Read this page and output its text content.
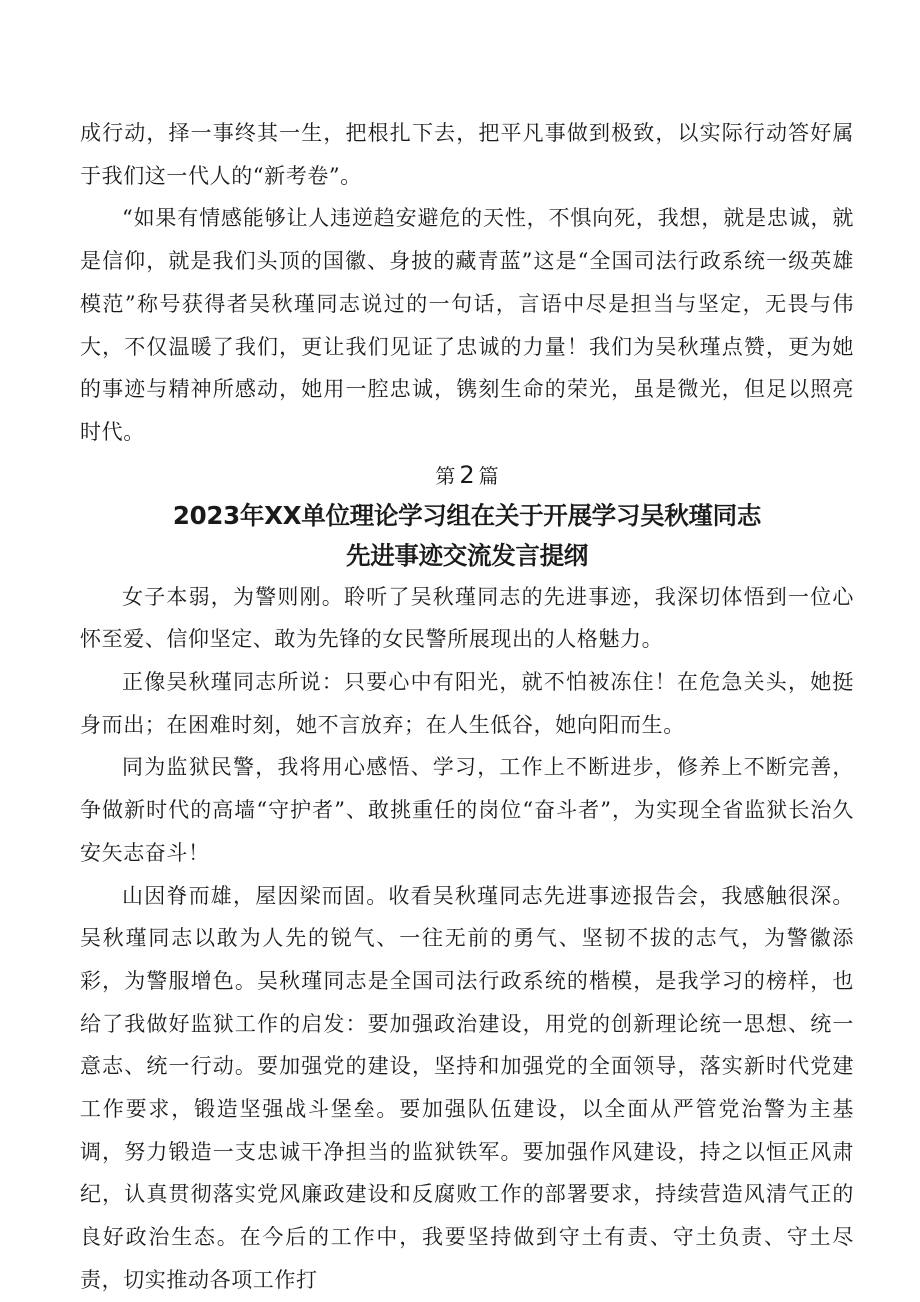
成行动，择一事终其一生，把根扎下去，把平凡事做到极致，以实际行动答好属于我们这一代人的“新考卷”。

“如果有情感能够让人违逆趋安避危的天性，不惧向死，我想，就是忠诚，就是信仰，就是我们头顶的国徽、身披的藏青蓝”这是“全国司法行政系统一级英雄模范”称号获得者吴秋瑾同志说过的一句话，言语中尽是担当与坚定，无畏与伟大，不仅温暖了我们，更让我们见证了忠诚的力量！我们为吴秋瑾点赞，更为她的事迹与精神所感动，她用一腔忠诚，镌刻生命的荣光，虽是微光，但足以照亮时代。

第 2 篇
2023年XX单位理论学习组在关于开展学习吴秋瑾同志
先进事迹交流发言提纲

女子本弱，为警则刚。聆听了吴秋瑾同志的先进事迹，我深切体悟到一位心怀至爱、信仰坚定、敢为先锋的女民警所展现出的人格魅力。

正像吴秋瑾同志所说：只要心中有阳光，就不怕被冻住！在危急关头，她挺身而出；在困难时刻，她不言放弃；在人生低谷，她向阳而生。

同为监狱民警，我将用心感悟、学习，工作上不断进步，修养上不断完善，争做新时代的高墙“守护者”、敢挑重任的岗位“奋斗者”，为实现全省监狱长治久安矢志奋斗！

山因脊而雄，屋因梁而固。收看吴秋瑾同志先进事迹报告会，我感触很深。吴秋瑾同志以敢为人先的锐气、一往无前的勇气、坚韧不拔的志气，为警徽添彩，为警服增色。吴秋瑾同志是全国司法行政系统的楷模，是我学习的榜样，也给了我做好监狱工作的启发：要加强政治建设，用党的创新理论统一思想、统一意志、统一行动。要加强党的建设，坚持和加强党的全面领导，落实新时代党建工作要求，锻造坚强战斗堡垒。要加强队伍建设，以全面从严管党治警为主基调，努力锻造一支忠诚干净担当的监狱铁军。要加强作风建设，持之以恒正风肃纪，认真贯彻落实党风廉政建设和反腐败工作的部署要求，持续营造风清气正的良好政治生态。在今后的工作中，我要坚持做到守土有责、守土负责、守土尽责，切实推动各项工作打
